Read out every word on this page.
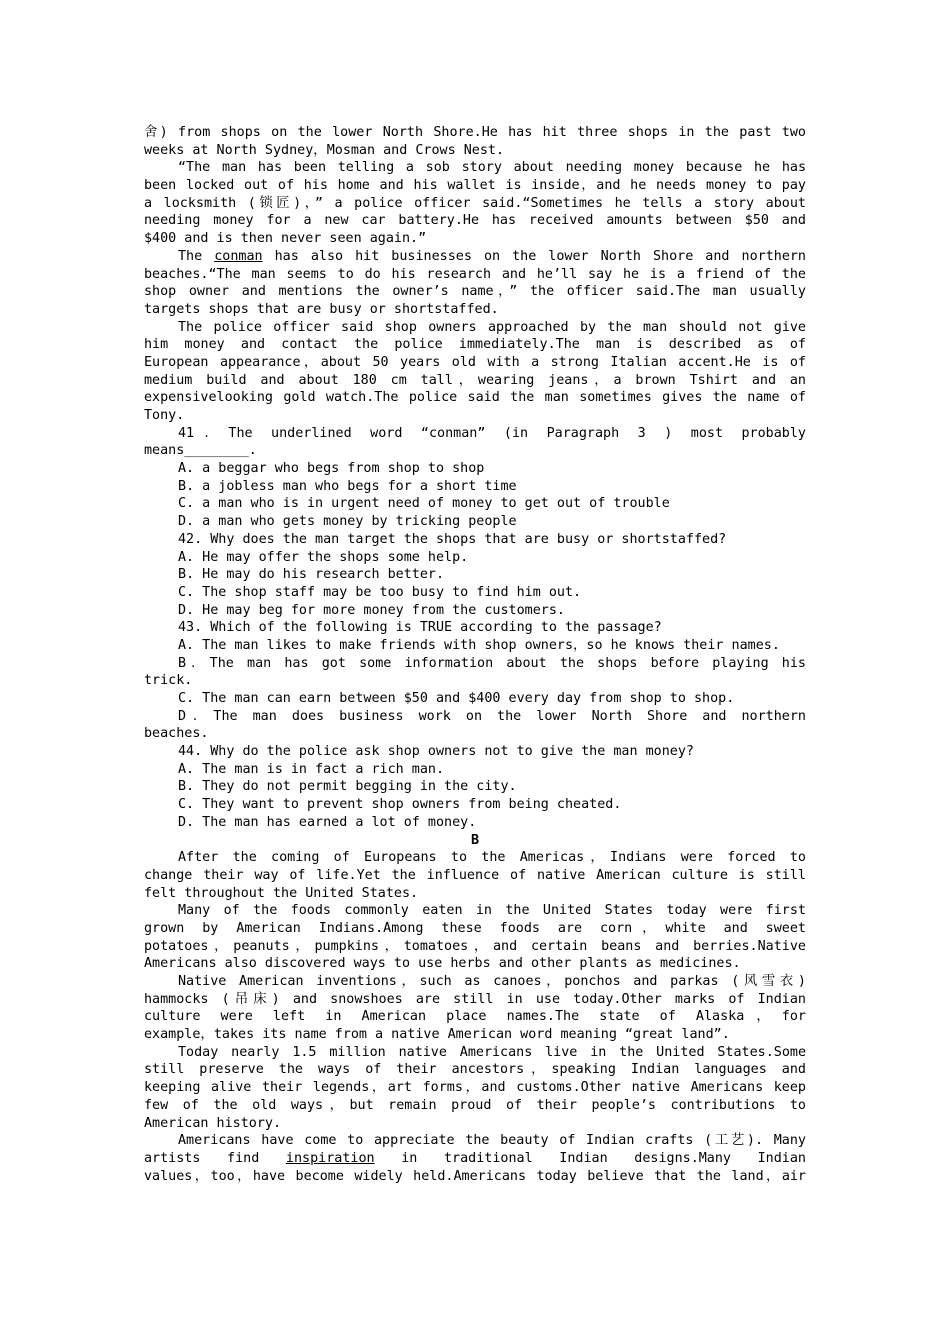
舍) from shops on the lower North Shore.He has hit three shops in the past two
weeks at North Sydney，Mosman and Crows Nest.
“The man has been telling a sob story about needing money because he has
been locked out of his home and his wallet is inside，and he needs money to pay
a locksmith (锁匠)，” a police officer said.“Sometimes he tells a story about
needing money for a new car battery.He has received amounts between $50 and
$400 and is then never seen again.”
The conman has also hit businesses on the lower North Shore and northern
beaches.“The man seems to do his research and he’ll say he is a friend of the
shop owner and mentions the owner’s name，” the officer said.The man usually
targets shops that are busy or shortstaffed.
The police officer said shop owners approached by the man should not give
him money and contact the police immediately.The man is described as of
European appearance，about 50 years old with a strong Italian accent.He is of
medium build and about 180 cm tall，wearing jeans，a brown Tshirt and an
expensivelooking gold watch.The police said the man sometimes gives the name of
Tony.
41．The underlined word “conman” (in Paragraph 3 ) most probably
means________.
A. a beggar who begs from shop to shop
B. a jobless man who begs for a short time
C. a man who is in urgent need of money to get out of trouble
D. a man who gets money by tricking people
42. Why does the man target the shops that are busy or shortstaffed?
A. He may offer the shops some help.
B. He may do his research better.
C. The shop staff may be too busy to find him out.
D. He may beg for more money from the customers.
43. Which of the following is TRUE according to the passage?
A. The man likes to make friends with shop owners，so he knows their names.
B．The man has got some information about the shops before playing his
trick.
C. The man can earn between $50 and $400 every day from shop to shop.
D．The man does business work on the lower North Shore and northern
beaches.
44. Why do the police ask shop owners not to give the man money?
A. The man is in fact a rich man.
B. They do not permit begging in the city.
C. They want to prevent shop owners from being cheated.
D. The man has earned a lot of money.
B
After the coming of Europeans to the Americas，Indians were forced to
change their way of life.Yet the influence of native American culture is still
felt throughout the United States.
Many of the foods commonly eaten in the United States today were first
grown by American Indians.Among these foods are corn，white and sweet
potatoes，peanuts，pumpkins，tomatoes，and certain beans and berries.Native
Americans also discovered ways to use herbs and other plants as medicines.
Native American inventions，such as canoes，ponchos and parkas (风雪衣)
hammocks (吊床) and snowshoes are still in use today.Other marks of Indian
culture were left in American place names.The state of Alaska，for
example，takes its name from a native American word meaning “great land”.
Today nearly 1.5 million native Americans live in the United States.Some
still preserve the ways of their ancestors，speaking Indian languages and
keeping alive their legends，art forms，and customs.Other native Americans keep
few of the old ways，but remain proud of their people’s contributions to
American history.
Americans have come to appreciate the beauty of Indian crafts (工艺). Many
artists find inspiration in traditional Indian designs.Many Indian
values，too，have become widely held.Americans today believe that the land，air
